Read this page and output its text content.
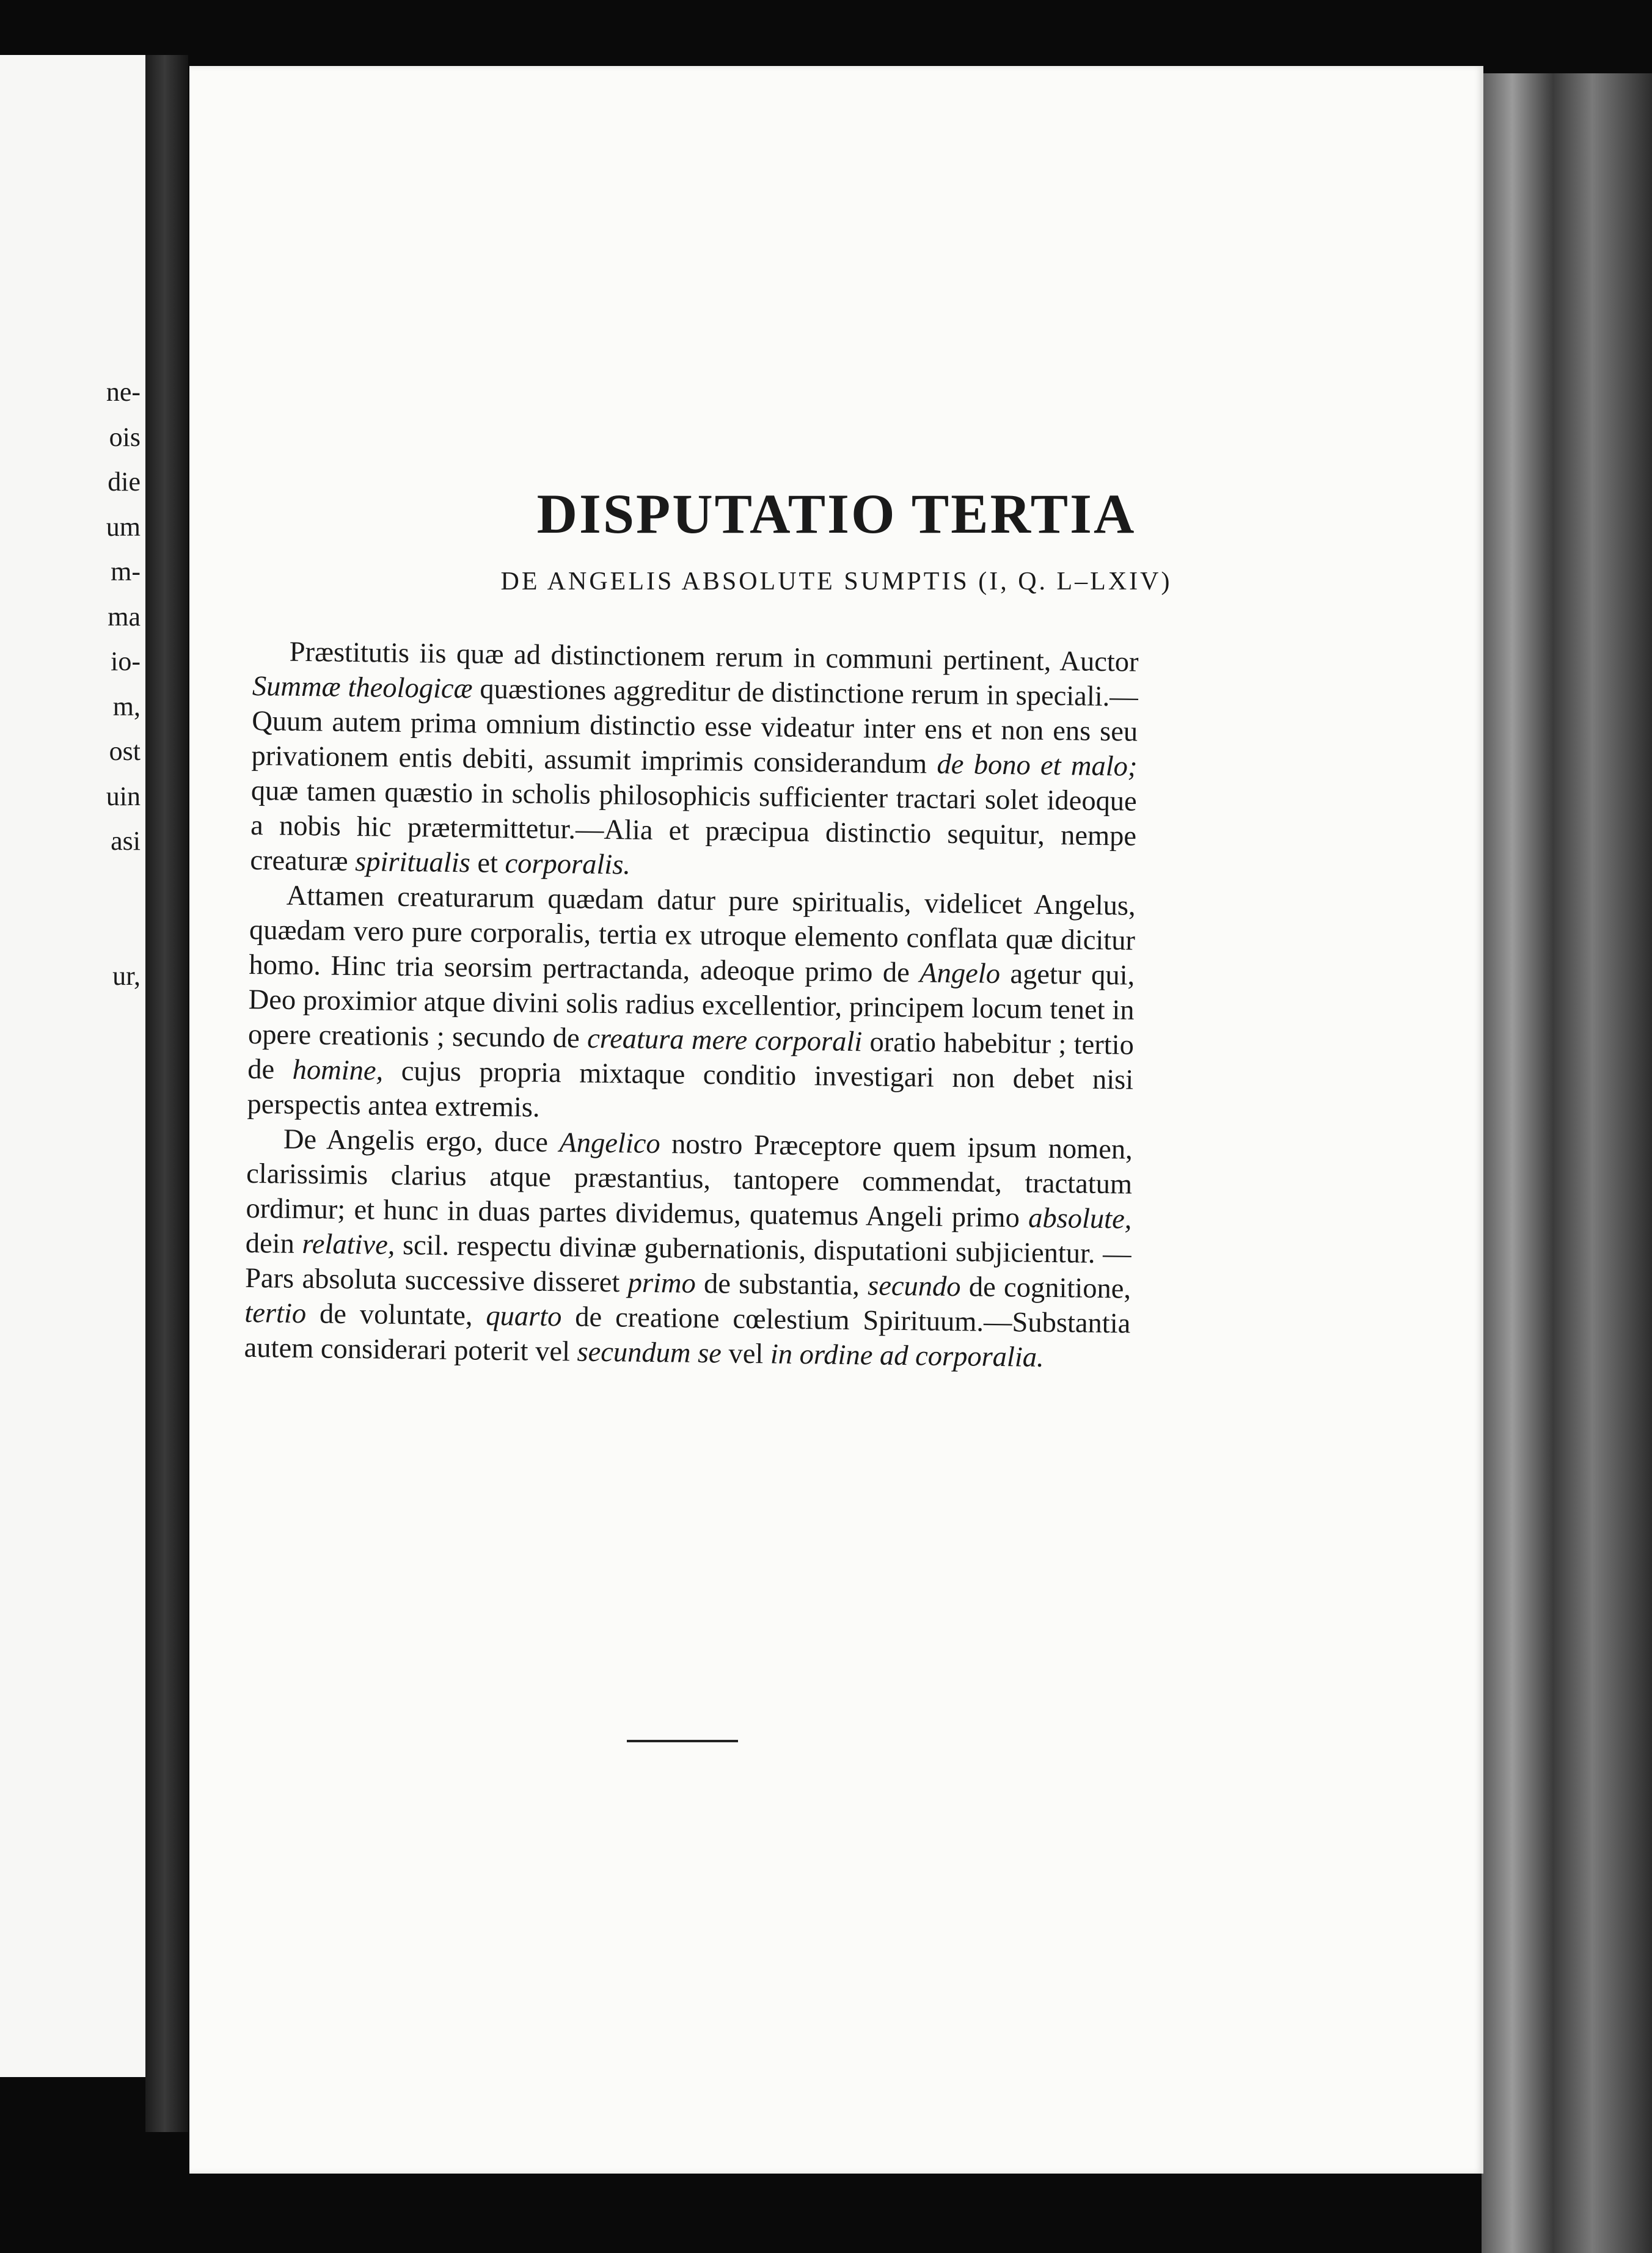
ne-
ois
die
um
m-
ma
io-
m,
ost
uin
asi
ur,
DISPUTATIO TERTIA
DE ANGELIS ABSOLUTE SUMPTIS (I, Q. L–LXIV)

Præstitutis iis quæ ad distinctionem rerum in communi pertinent, Auctor Summæ theologicæ quæstiones aggreditur de distinctione rerum in speciali.—Quum autem prima omnium distinctio esse videatur inter ens et non ens seu privationem entis debiti, assumit imprimis considerandum de bono et malo; quæ tamen quæstio in scholis philosophicis sufficienter tractari solet ideoque a nobis hic prætermittetur.—Alia et præcipua distinctio sequitur, nempe creaturæ spiritualis et corporalis.

Attamen creaturarum quædam datur pure spiritualis, videlicet Angelus, quædam vero pure corporalis, tertia ex utroque elemento conflata quæ dicitur homo. Hinc tria seorsim pertractanda, adeoque primo de Angelo agetur qui, Deo proximior atque divini solis radius excellentior, principem locum tenet in opere creationis ; secundo de creatura mere corporali oratio habebitur ; tertio de homine, cujus propria mixtaque conditio investigari non debet nisi perspectis antea extremis.

De Angelis ergo, duce Angelico nostro Præceptore quem ipsum nomen, clarissimis clarius atque præstantius, tantopere commendat, tractatum ordimur; et hunc in duas partes dividemus, quatemus Angeli primo absolute, dein relative, scil. respectu divinæ gubernationis, disputationi subjicientur. —Pars absoluta successive disseret primo de substantia, secundo de cognitione, tertio de voluntate, quarto de creatione cœlestium Spirituum.—Substantia autem considerari poterit vel secundum se vel in ordine ad corporalia.
